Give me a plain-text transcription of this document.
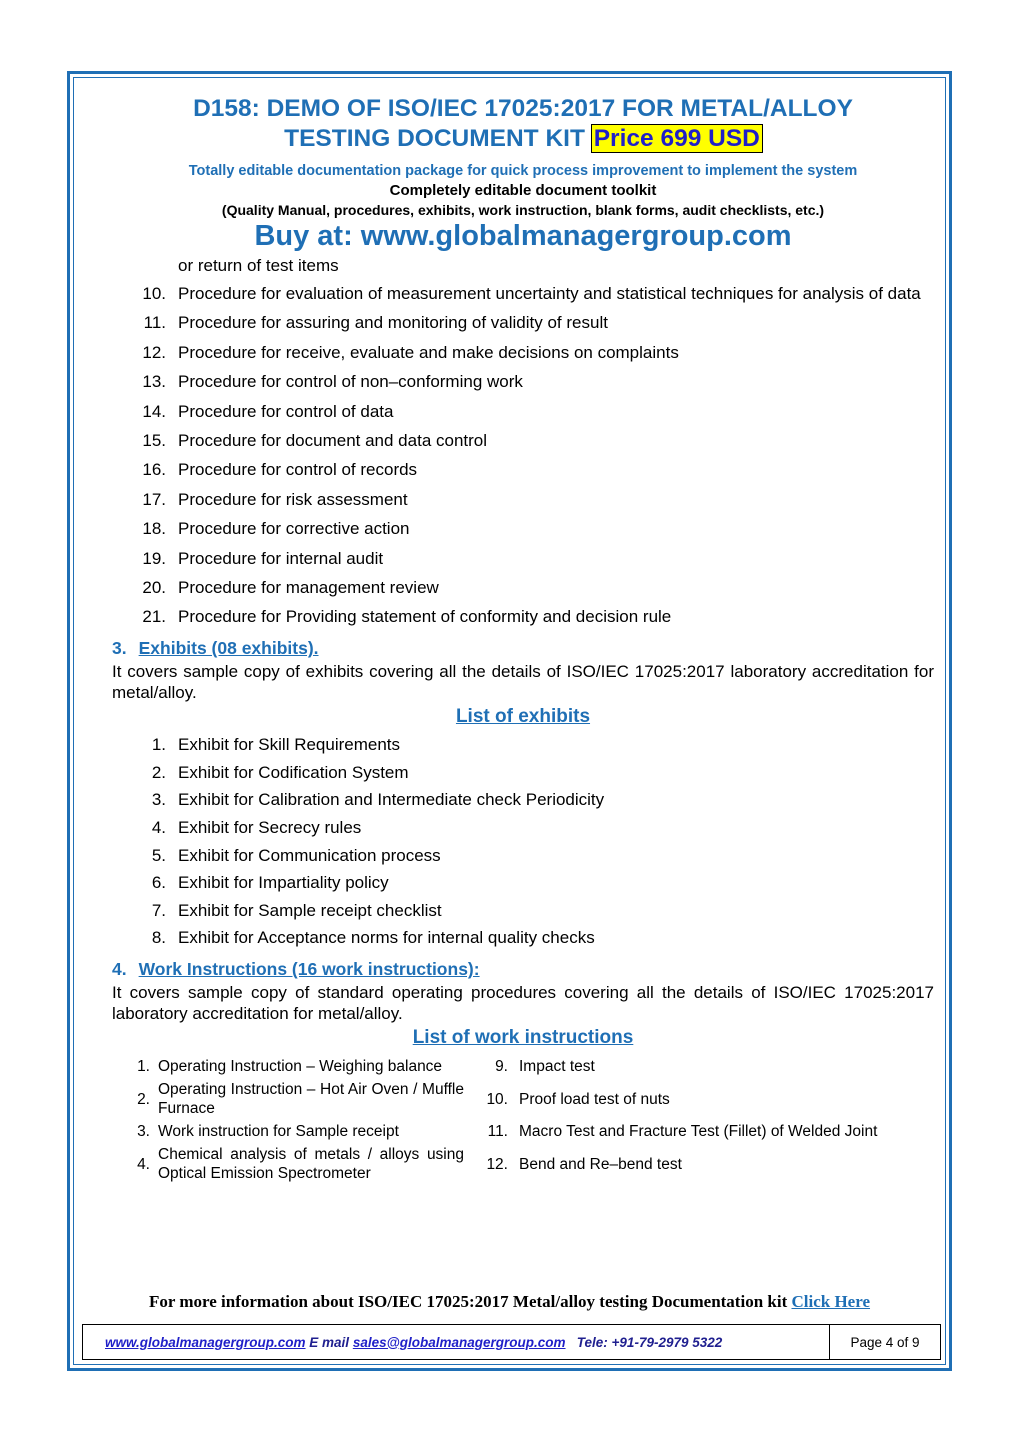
D158: DEMO OF ISO/IEC 17025:2017 FOR METAL/ALLOY
TESTING DOCUMENT KIT Price 699 USD
Totally editable documentation package for quick process improvement to implement the system
Completely editable document toolkit
(Quality Manual, procedures, exhibits, work instruction, blank forms, audit checklists, etc.)
Buy at: www.globalmanagergroup.com
or return of test items
10. Procedure for evaluation of measurement uncertainty and statistical techniques for analysis of data
11. Procedure for assuring and monitoring of validity of result
12. Procedure for receive, evaluate and make decisions on complaints
13. Procedure for control of non–conforming work
14. Procedure for control of data
15. Procedure for document and data control
16. Procedure for control of records
17. Procedure for risk assessment
18. Procedure for corrective action
19. Procedure for internal audit
20. Procedure for management review
21. Procedure for Providing statement of conformity and decision rule
3. Exhibits (08 exhibits).
It covers sample copy of exhibits covering all the details of ISO/IEC 17025:2017 laboratory accreditation for metal/alloy.
List of exhibits
1. Exhibit for Skill Requirements
2. Exhibit for Codification System
3. Exhibit for Calibration and Intermediate check Periodicity
4. Exhibit for Secrecy rules
5. Exhibit for Communication process
6. Exhibit for Impartiality policy
7. Exhibit for Sample receipt checklist
8. Exhibit for Acceptance norms for internal quality checks
4. Work Instructions (16 work instructions):
It covers sample copy of standard operating procedures covering all the details of ISO/IEC 17025:2017 laboratory accreditation for metal/alloy.
List of work instructions
1.	Operating Instruction – Weighing balance	9.	Impact test
2.	Operating Instruction – Hot Air Oven / Muffle Furnace	10.	Proof load test of nuts
3.	Work instruction for Sample receipt	11.	Macro Test and Fracture Test (Fillet) of Welded Joint
4.	Chemical analysis of metals / alloys using Optical Emission Spectrometer	12.	Bend and Re–bend test
For more information about ISO/IEC 17025:2017 Metal/alloy testing Documentation kit Click Here
www.globalmanagergroup.com E mail sales@globalmanagergroup.com   Tele: +91-79-2979 5322	Page 4 of 9
